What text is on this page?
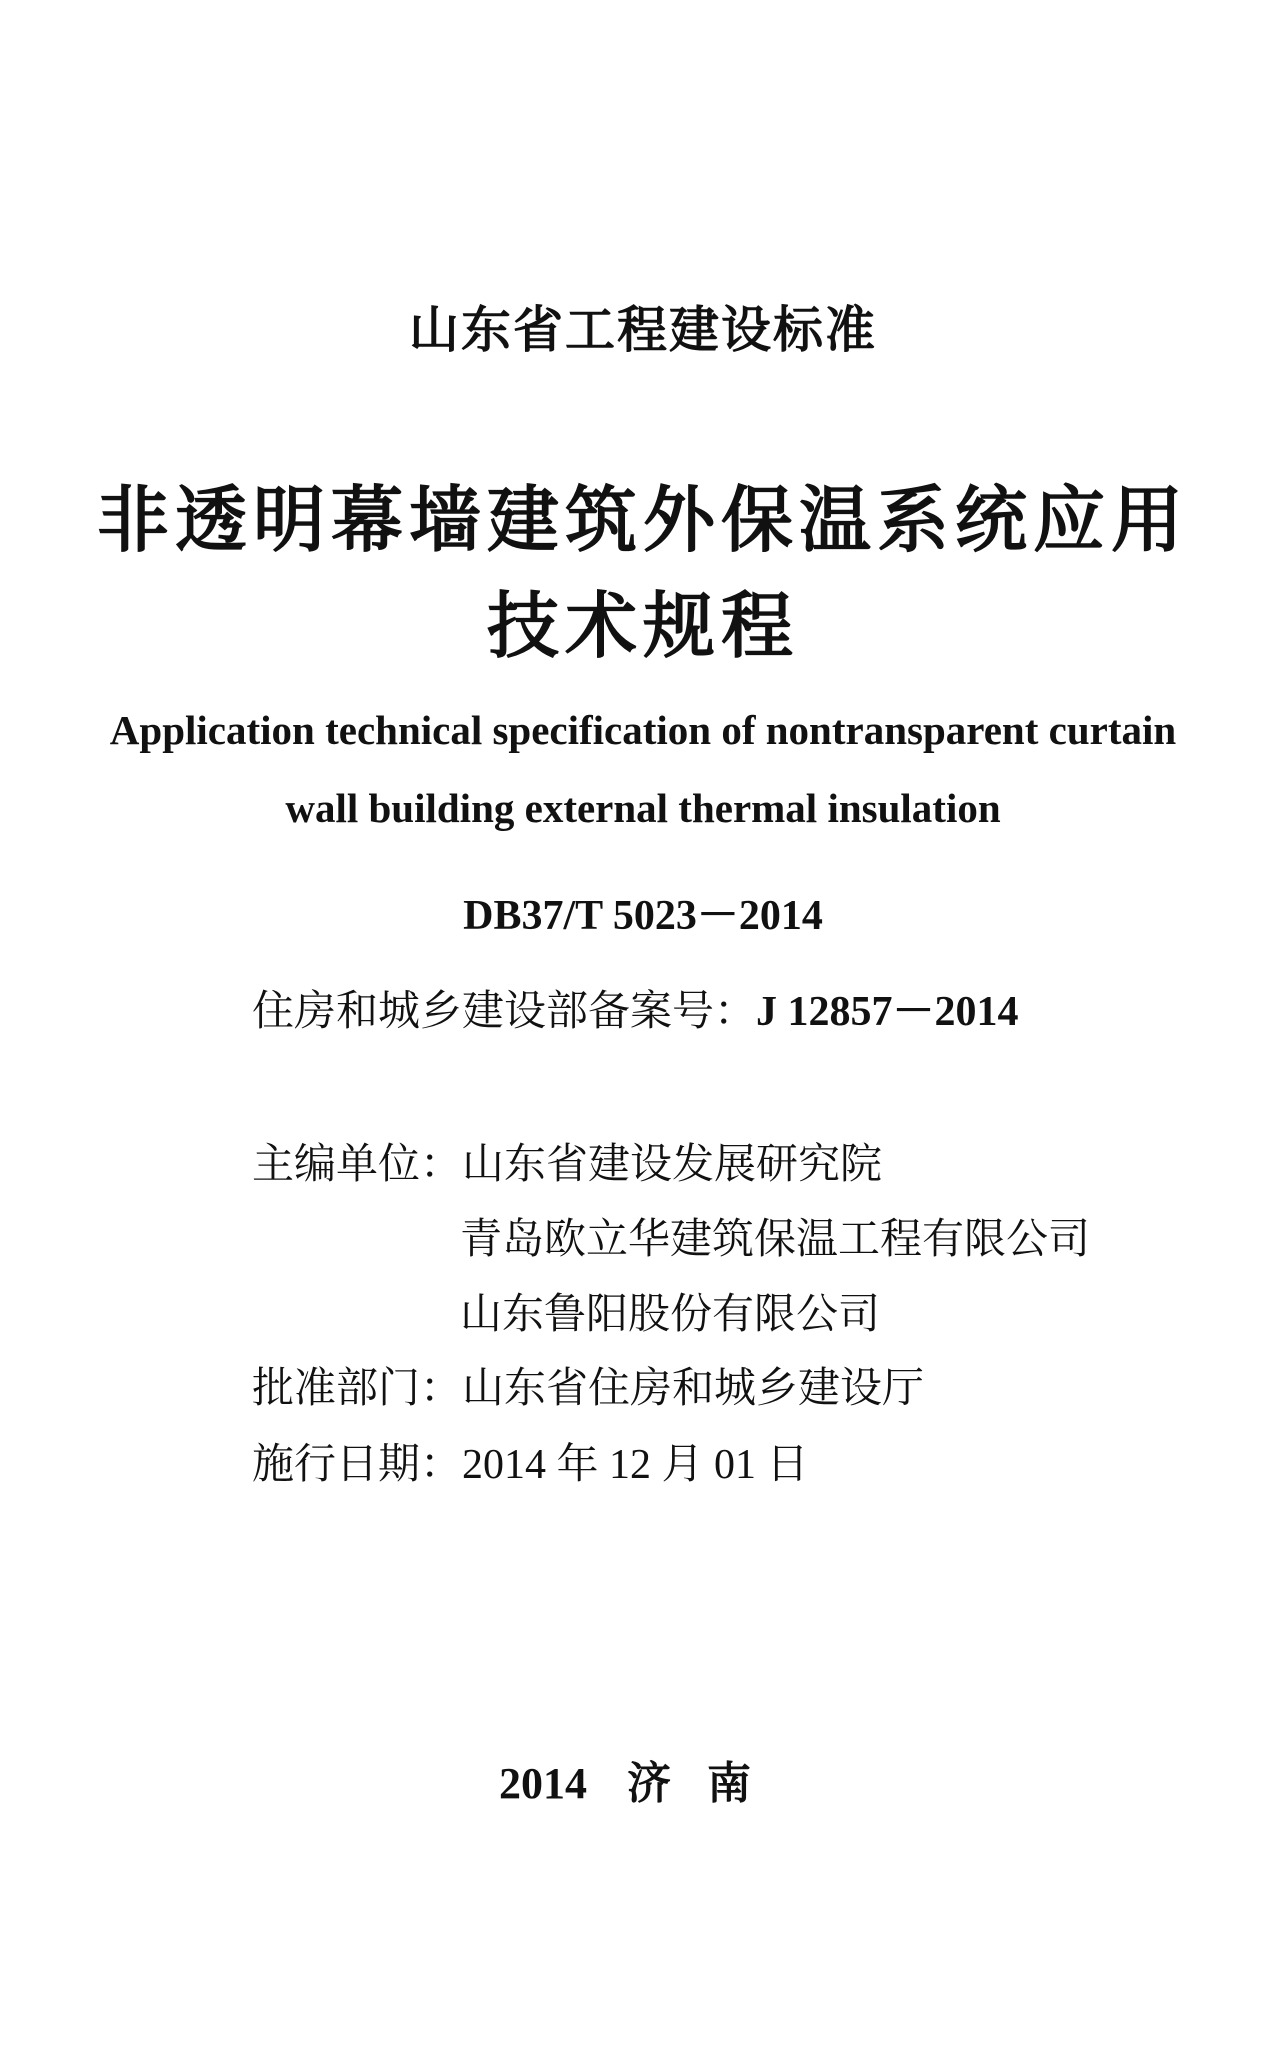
山东省工程建设标准
非透明幕墙建筑外保温系统应用
技术规程
Application technical specification of nontransparent curtain
wall building external thermal insulation
DB37/T 5023－2014
住房和城乡建设部备案号：J 12857－2014
主编单位：山东省建设发展研究院
青岛欧立华建筑保温工程有限公司
山东鲁阳股份有限公司
批准部门：山东省住房和城乡建设厅
施行日期：2014 年 12 月 01 日
2014 济南
